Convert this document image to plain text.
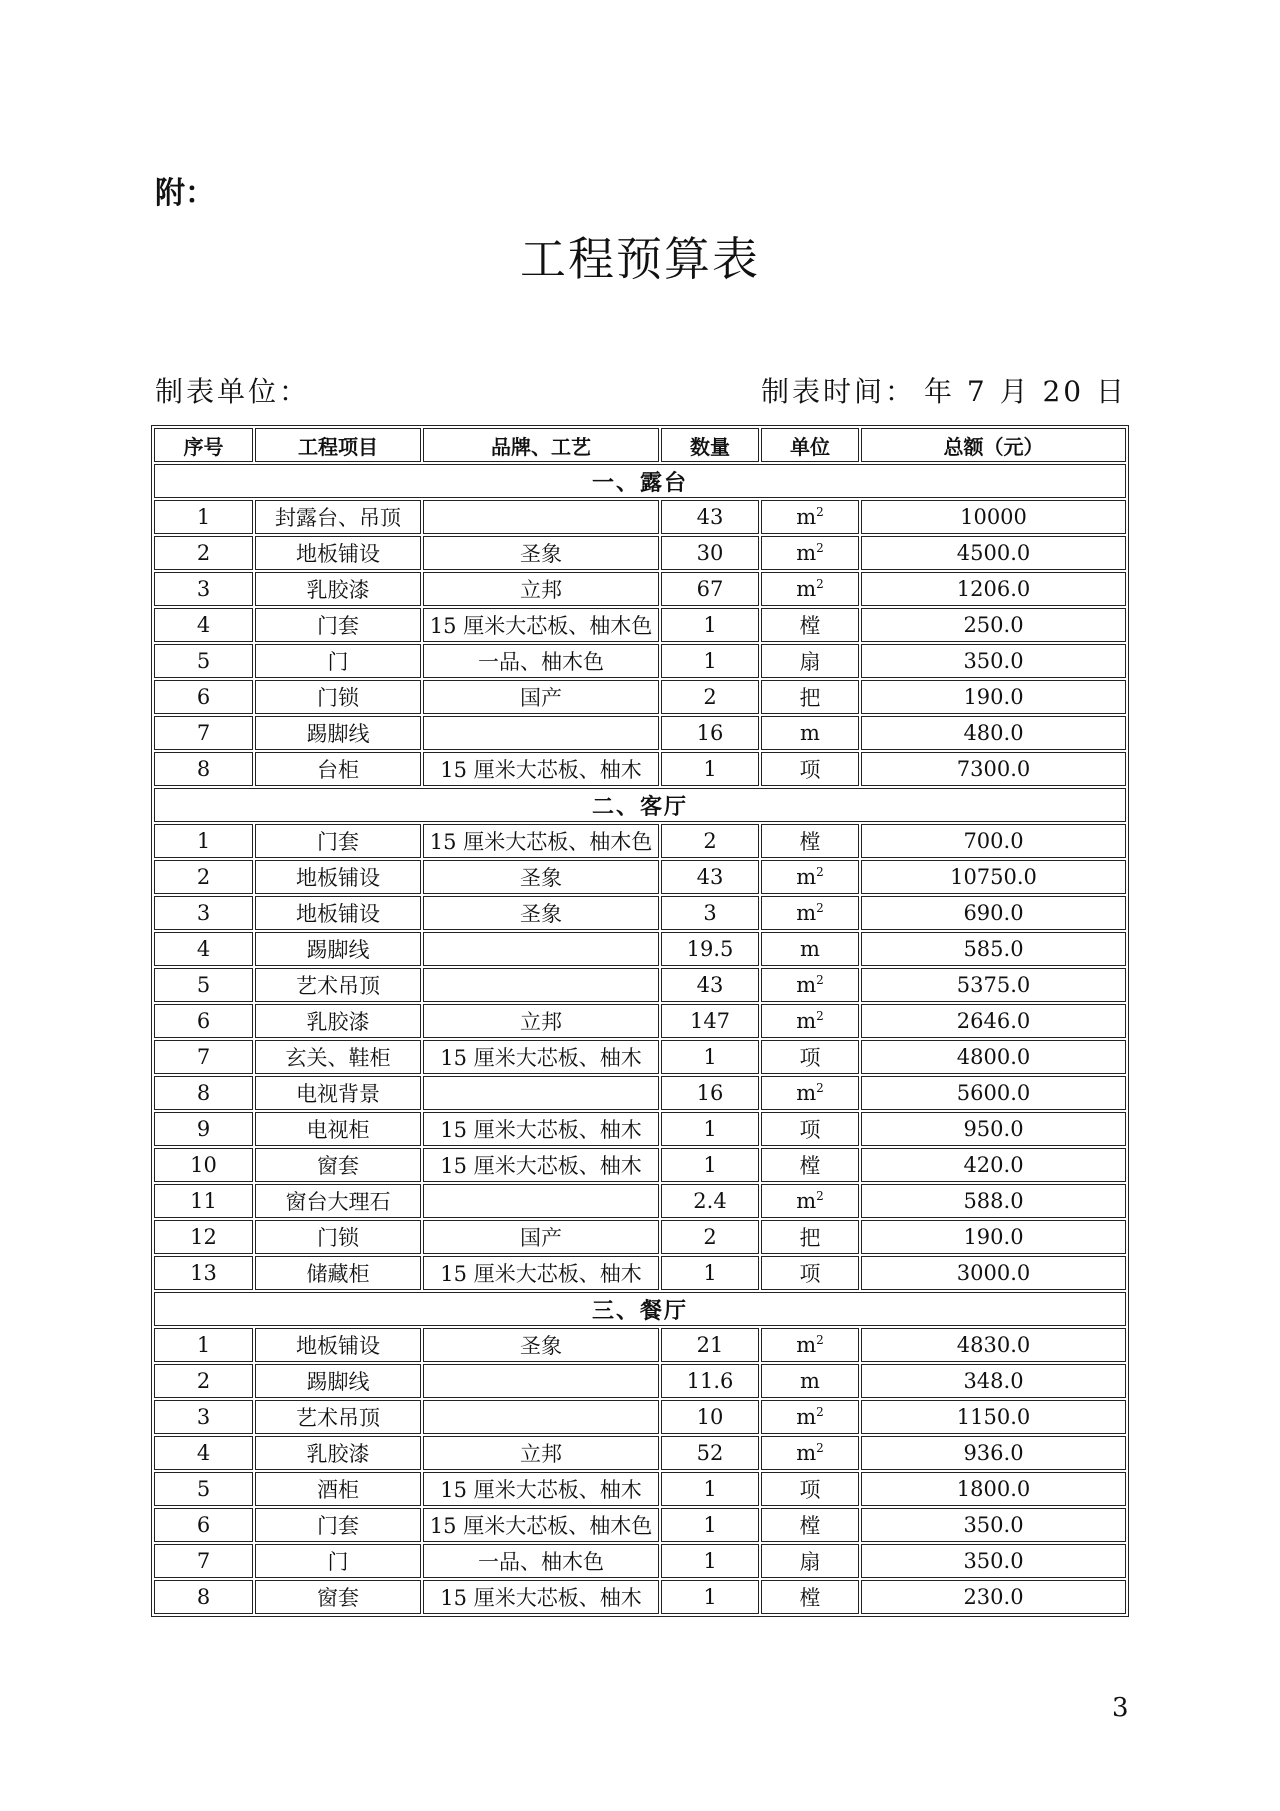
附：
工程预算表
制表单位：	制表时间： 年 7 月 20 日
序号	工程项目	品牌、工艺	数量	单位	总额（元）
一、露台					
1	封露台、吊顶		43	$m^2$	10000
2	地板铺设	圣象	30	$m^2$	4500.0
3	乳胶漆	立邦	67	$m^2$	1206.0
4	门套	15 厘米大芯板、柚木色	1	樘	250.0
5	门	一品、柚木色	1	扇	350.0
6	门锁	国产	2	把	190.0
7	踢脚线		16	m	480.0
8	台柜	15 厘米大芯板、柚木	1	项	7300.0
二、客厅					
1	门套	15 厘米大芯板、柚木色	2	樘	700.0
2	地板铺设	圣象	43	$m^2$	10750.0
3	地板铺设	圣象	3	$m^2$	690.0
4	踢脚线		19.5	m	585.0
5	艺术吊顶		43	$m^2$	5375.0
6	乳胶漆	立邦	147	$m^2$	2646.0
7	玄关、鞋柜	15 厘米大芯板、柚木	1	项	4800.0
8	电视背景		16	$m^2$	5600.0
9	电视柜	15 厘米大芯板、柚木	1	项	950.0
10	窗套	15 厘米大芯板、柚木	1	樘	420.0
11	窗台大理石		2.4	$m^2$	588.0
12	门锁	国产	2	把	190.0
13	储藏柜	15 厘米大芯板、柚木	1	项	3000.0
三、餐厅					
1	地板铺设	圣象	21	$m^2$	4830.0
2	踢脚线		11.6	m	348.0
3	艺术吊顶		10	$m^2$	1150.0
4	乳胶漆	立邦	52	$m^2$	936.0
5	酒柜	15 厘米大芯板、柚木	1	项	1800.0
6	门套	15 厘米大芯板、柚木色	1	樘	350.0
7	门	一品、柚木色	1	扇	350.0
8	窗套	15 厘米大芯板、柚木	1	樘	230.0
3
